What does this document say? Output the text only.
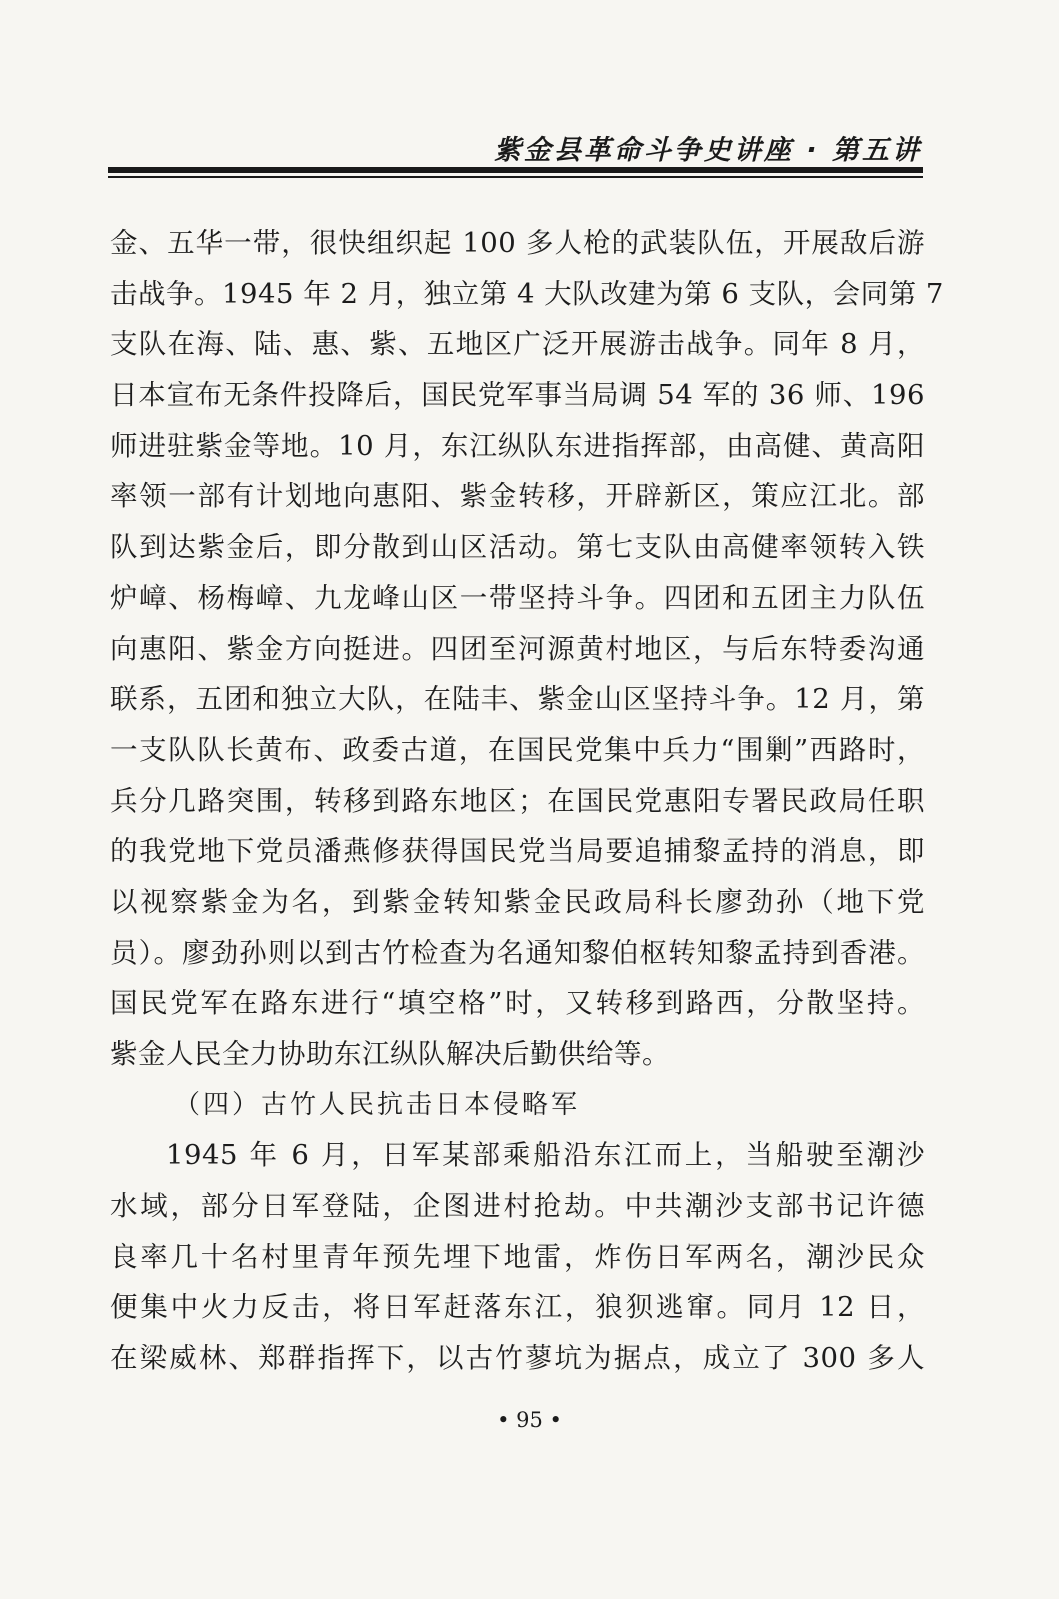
紫金县革命斗争史讲座 · 第五讲
金、五华一带，很快组织起 100 多人枪的武装队伍，开展敌后游
击战争。1945 年 2 月，独立第 4 大队改建为第 6 支队，会同第 7
支队在海、陆、惠、紫、五地区广泛开展游击战争。同年 8 月，
日本宣布无条件投降后，国民党军事当局调 54 军的 36 师、196
师进驻紫金等地。10 月，东江纵队东进指挥部，由高健、黄高阳
率领一部有计划地向惠阳、紫金转移，开辟新区，策应江北。部
队到达紫金后，即分散到山区活动。第七支队由高健率领转入铁
炉嶂、杨梅嶂、九龙峰山区一带坚持斗争。四团和五团主力队伍
向惠阳、紫金方向挺进。四团至河源黄村地区，与后东特委沟通
联系，五团和独立大队，在陆丰、紫金山区坚持斗争。12 月，第
一支队队长黄布、政委古道，在国民党集中兵力“围剿”西路时，
兵分几路突围，转移到路东地区；在国民党惠阳专署民政局任职
的我党地下党员潘燕修获得国民党当局要追捕黎孟持的消息，即
以视察紫金为名，到紫金转知紫金民政局科长廖劲孙（地下党
员）。廖劲孙则以到古竹检查为名通知黎伯枢转知黎孟持到香港。
国民党军在路东进行“填空格”时，又转移到路西，分散坚持。
紫金人民全力协助东江纵队解决后勤供给等。
（四）古竹人民抗击日本侵略军
1945 年 6 月，日军某部乘船沿东江而上，当船驶至潮沙
水域，部分日军登陆，企图进村抢劫。中共潮沙支部书记许德
良率几十名村里青年预先埋下地雷，炸伤日军两名，潮沙民众
便集中火力反击，将日军赶落东江，狼狈逃窜。同月 12 日，
在梁威林、郑群指挥下，以古竹蓼坑为据点，成立了 300 多人
• 95 •
